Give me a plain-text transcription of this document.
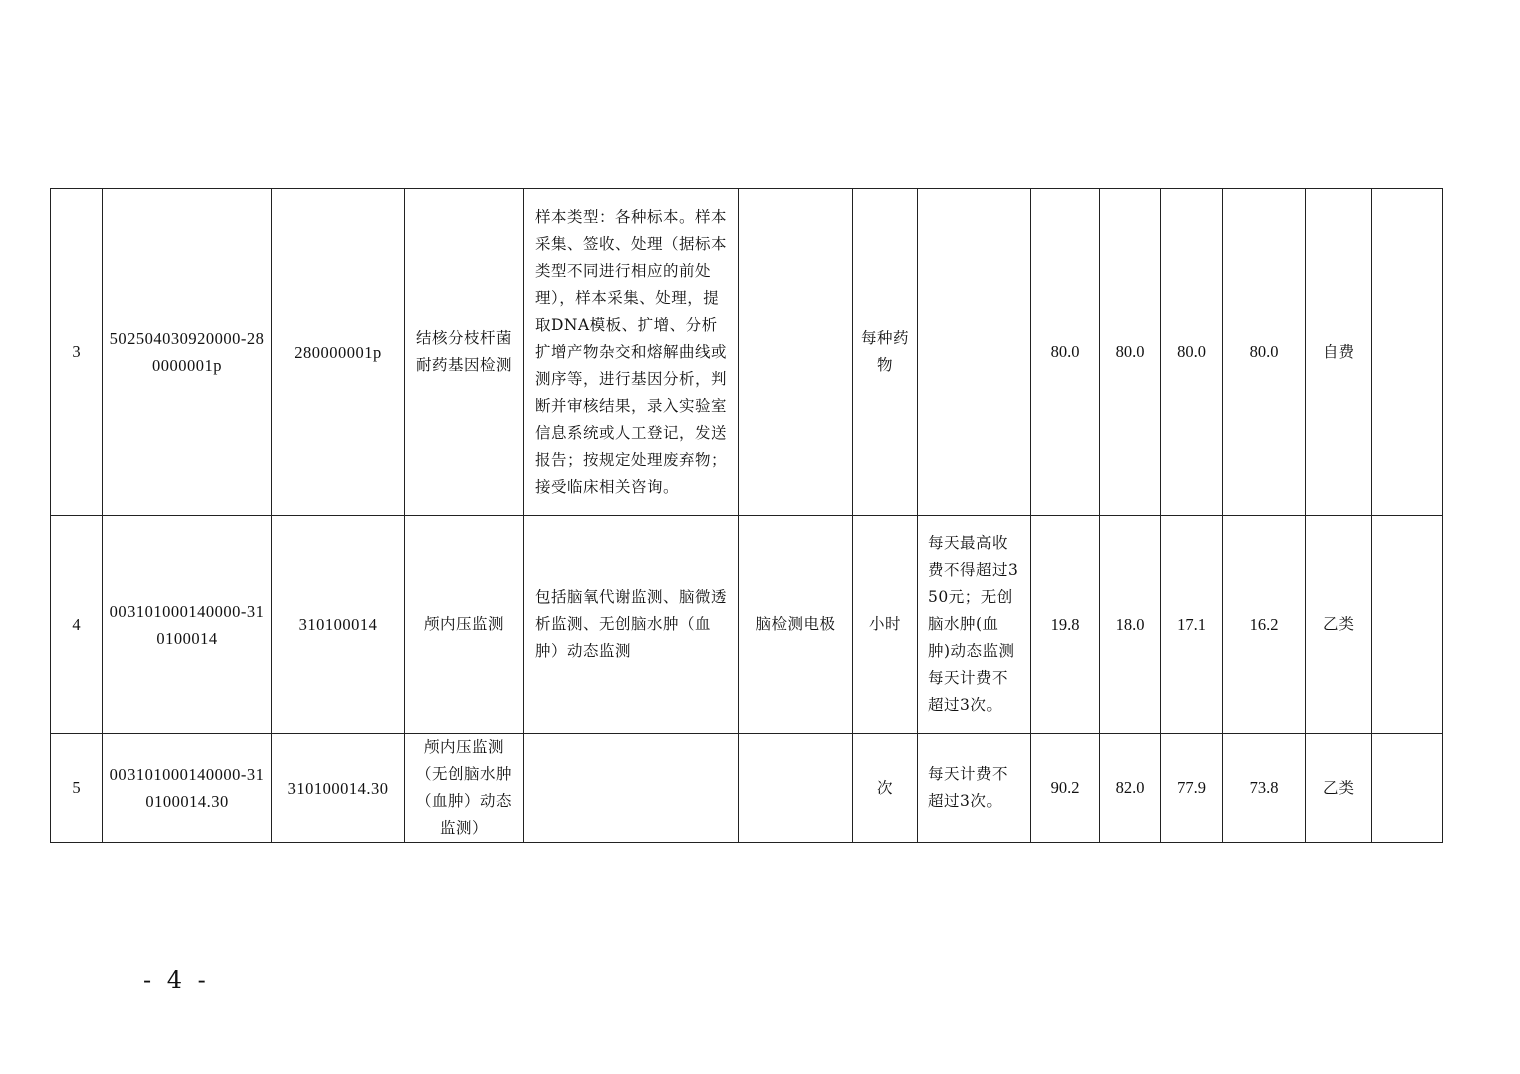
3	502504030920000-280000001p	280000001p	结核分枝杆菌耐药基因检测	样本类型：各种标本。样本采集、签收、处理（据标本类型不同进行相应的前处理），样本采集、处理，提取DNA模板、扩增、分析扩增产物杂交和熔解曲线或测序等，进行基因分析，判断并审核结果，录入实验室信息系统或人工登记，发送报告；按规定处理废弃物；接受临床相关咨询。		每种药物		80.0	80.0	80.0	80.0	自费	
4	003101000140000-310100014	310100014	颅内压监测	包括脑氧代谢监测、脑微透析监测、无创脑水肿（血肿）动态监测	脑检测电极	小时	每天最高收费不得超过350元；无创脑水肿(血肿)动态监测每天计费不超过3次。	19.8	18.0	17.1	16.2	乙类	
5	003101000140000-310100014.30	310100014.30	颅内压监测（无创脑水肿（血肿）动态监测）			次	每天计费不超过3次。	90.2	82.0	77.9	73.8	乙类	
- 4 -
